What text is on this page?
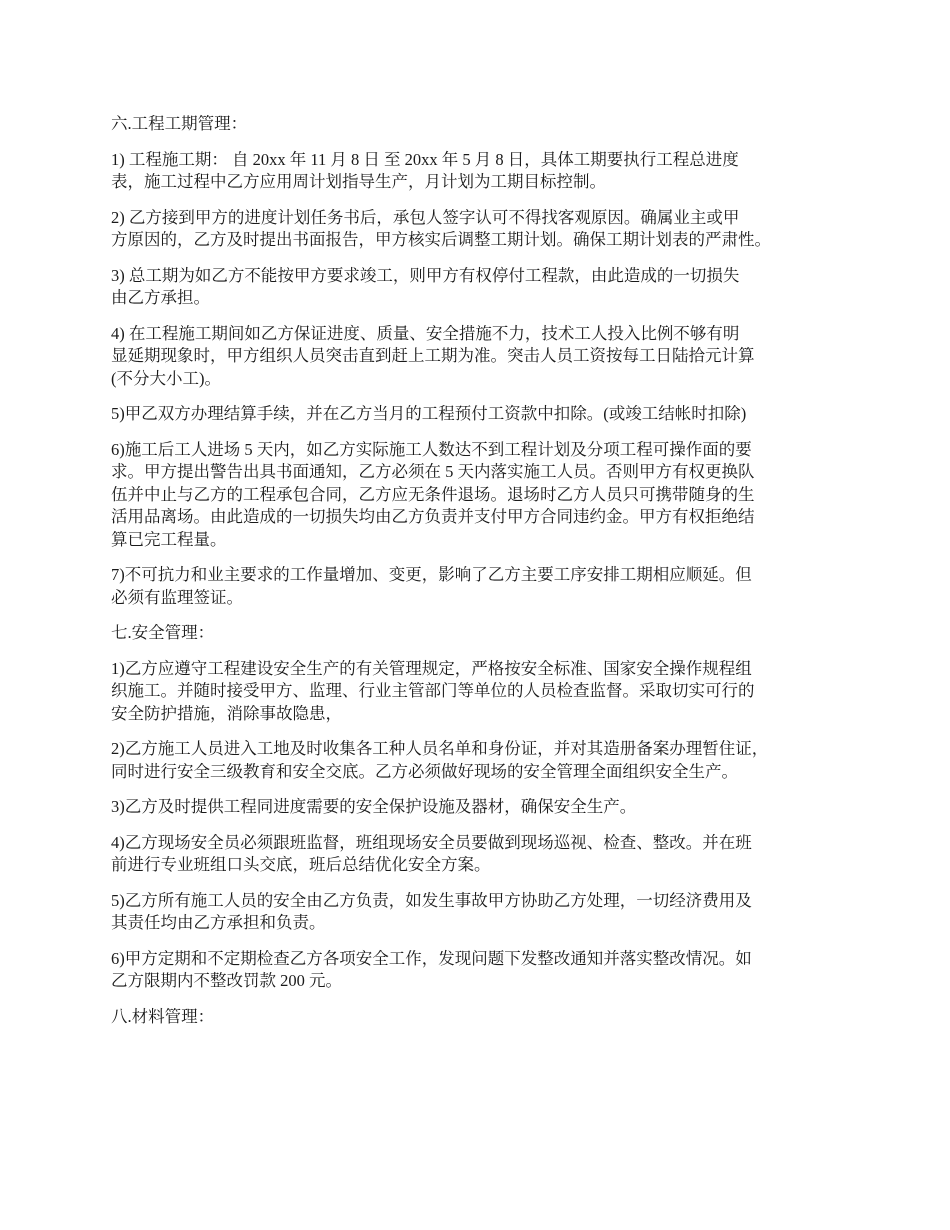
六.工程工期管理：

1) 工程施工期： 自 20xx 年 11 月 8 日 至 20xx 年 5 月 8 日，具体工期要执行工程总进度
表，施工过程中乙方应用周计划指导生产，月计划为工期目标控制。

2) 乙方接到甲方的进度计划任务书后，承包人签字认可不得找客观原因。确属业主或甲
方原因的，乙方及时提出书面报告，甲方核实后调整工期计划。确保工期计划表的严肃性。

3) 总工期为如乙方不能按甲方要求竣工，则甲方有权停付工程款，由此造成的一切损失
由乙方承担。

4) 在工程施工期间如乙方保证进度、质量、安全措施不力，技术工人投入比例不够有明
显延期现象时，甲方组织人员突击直到赶上工期为准。突击人员工资按每工日陆拾元计算
(不分大小工)。

5)甲乙双方办理结算手续，并在乙方当月的工程预付工资款中扣除。(或竣工结帐时扣除)

6)施工后工人进场 5 天内，如乙方实际施工人数达不到工程计划及分项工程可操作面的要
求。甲方提出警告出具书面通知，乙方必须在 5 天内落实施工人员。否则甲方有权更换队
伍并中止与乙方的工程承包合同，乙方应无条件退场。退场时乙方人员只可携带随身的生
活用品离场。由此造成的一切损失均由乙方负责并支付甲方合同违约金。甲方有权拒绝结
算已完工程量。

7)不可抗力和业主要求的工作量增加、变更，影响了乙方主要工序安排工期相应顺延。但
必须有监理签证。

七.安全管理：

1)乙方应遵守工程建设安全生产的有关管理规定，严格按安全标准、国家安全操作规程组
织施工。并随时接受甲方、监理、行业主管部门等单位的人员检查监督。采取切实可行的
安全防护措施，消除事故隐患，

2)乙方施工人员进入工地及时收集各工种人员名单和身份证，并对其造册备案办理暂住证，
同时进行安全三级教育和安全交底。乙方必须做好现场的安全管理全面组织安全生产。

3)乙方及时提供工程同进度需要的安全保护设施及器材，确保安全生产。

4)乙方现场安全员必须跟班监督，班组现场安全员要做到现场巡视、检查、整改。并在班
前进行专业班组口头交底，班后总结优化安全方案。

5)乙方所有施工人员的安全由乙方负责，如发生事故甲方协助乙方处理，一切经济费用及
其责任均由乙方承担和负责。

6)甲方定期和不定期检查乙方各项安全工作，发现问题下发整改通知并落实整改情况。如
乙方限期内不整改罚款 200 元。

八.材料管理：
